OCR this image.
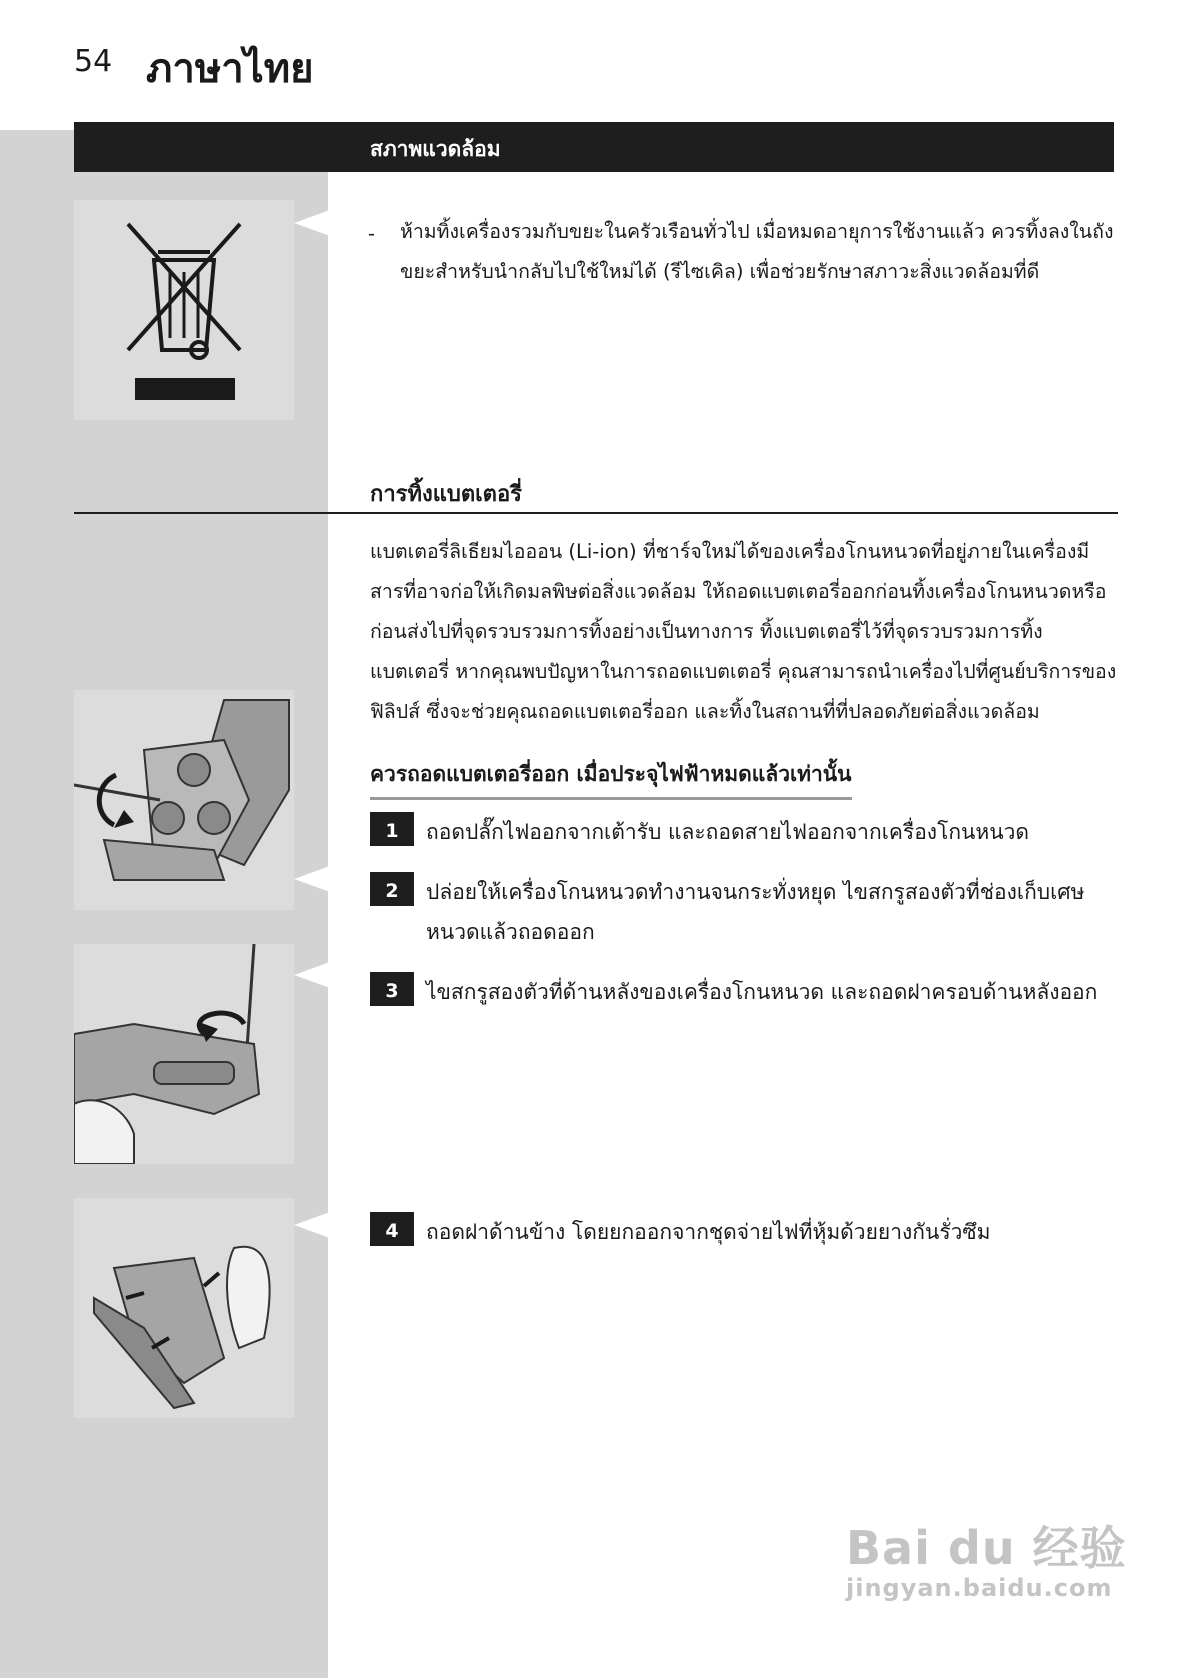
54 ภาษาไทย
สภาพแวดล้อม
- ห้ามทิ้งเครื่องรวมกับขยะในครัวเรือนทั่วไป เมื่อหมดอายุการใช้งานแล้ว ควรทิ้งลงในถังขยะสำหรับนำกลับไปใช้ใหม่ได้ (รีไซเคิล) เพื่อช่วยรักษาสภาวะสิ่งแวดล้อมที่ดี
การทิ้งแบตเตอรี่
แบตเตอรี่ลิเธียมไอออน (Li-ion) ที่ชาร์จใหม่ได้ของเครื่องโกนหนวดที่อยู่ภายในเครื่องมีสารที่อาจก่อให้เกิดมลพิษต่อสิ่งแวดล้อม ให้ถอดแบตเตอรี่ออกก่อนทิ้งเครื่องโกนหนวดหรือก่อนส่งไปที่จุดรวบรวมการทิ้งอย่างเป็นทางการ ทิ้งแบตเตอรี่ไว้ที่จุดรวบรวมการทิ้งแบตเตอรี่ หากคุณพบปัญหาในการถอดแบตเตอรี่ คุณสามารถนำเครื่องไปที่ศูนย์บริการของฟิลิปส์ ซึ่งจะช่วยคุณถอดแบตเตอรี่ออก และทิ้งในสถานที่ที่ปลอดภัยต่อสิ่งแวดล้อม
ควรถอดแบตเตอรี่ออก เมื่อประจุไฟฟ้าหมดแล้วเท่านั้น
1	ถอดปลั๊กไฟออกจากเต้ารับ และถอดสายไฟออกจากเครื่องโกนหนวด
2	ปล่อยให้เครื่องโกนหนวดทำงานจนกระทั่งหยุด ไขสกรูสองตัวที่ช่องเก็บเศษหนวดแล้วถอดออก
3	ไขสกรูสองตัวที่ด้านหลังของเครื่องโกนหนวด และถอดฝาครอบด้านหลังออก
4	ถอดฝาด้านข้าง โดยยกออกจากชุดจ่ายไฟที่หุ้มด้วยยางกันรั่วซึม
Bai du 经验
jingyan.baidu.com
